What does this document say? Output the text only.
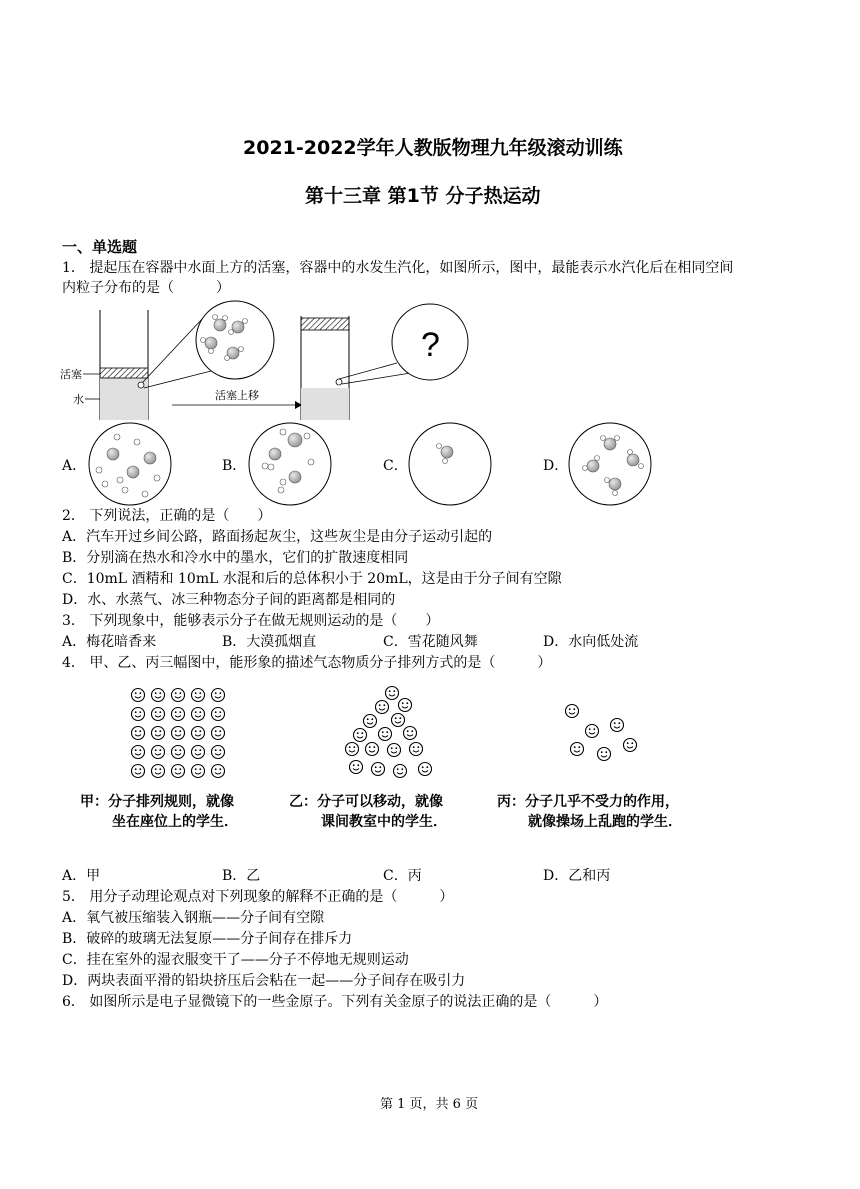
2021-2022学年人教版物理九年级滚动训练
第十三章 第1节 分子热运动
一、单选题
1． 提起压在容器中水面上方的活塞，容器中的水发生汽化，如图所示，图中，最能表示水汽化后在相同空间
内粒子分布的是（　　　）
活塞
水	活塞上移
?
A．	B．	C．	D．
2． 下列说法，正确的是（　　）
A．汽车开过乡间公路，路面扬起灰尘，这些灰尘是由分子运动引起的
B．分别滴在热水和冷水中的墨水，它们的扩散速度相同
C．10mL 酒精和 10mL 水混和后的总体积小于 20mL，这是由于分子间有空隙
D．水、水蒸气、冰三种物态分子间的距离都是相同的
3． 下列现象中，能够表示分子在做无规则运动的是（　　）
A．梅花暗香来	B．大漠孤烟直	C．雪花随风舞	D．水向低处流
4． 甲、乙、丙三幅图中，能形象的描述气态物质分子排列方式的是（　　　）
甲：分子排列规则，就像
坐在座位上的学生．
乙：分子可以移动，就像
课间教室中的学生．
丙：分子几乎不受力的作用，
就像操场上乱跑的学生．
A．甲	B．乙	C．丙	D．乙和丙
5． 用分子动理论观点对下列现象的解释不正确的是（　　　）
A．氧气被压缩装入钢瓶——分子间有空隙
B．破碎的玻璃无法复原——分子间存在排斥力
C．挂在室外的湿衣服变干了——分子不停地无规则运动
D．两块表面平滑的铅块挤压后会粘在一起——分子间存在吸引力
6． 如图所示是电子显微镜下的一些金原子。下列有关金原子的说法正确的是（　　　）
第 1 页，共 6 页
